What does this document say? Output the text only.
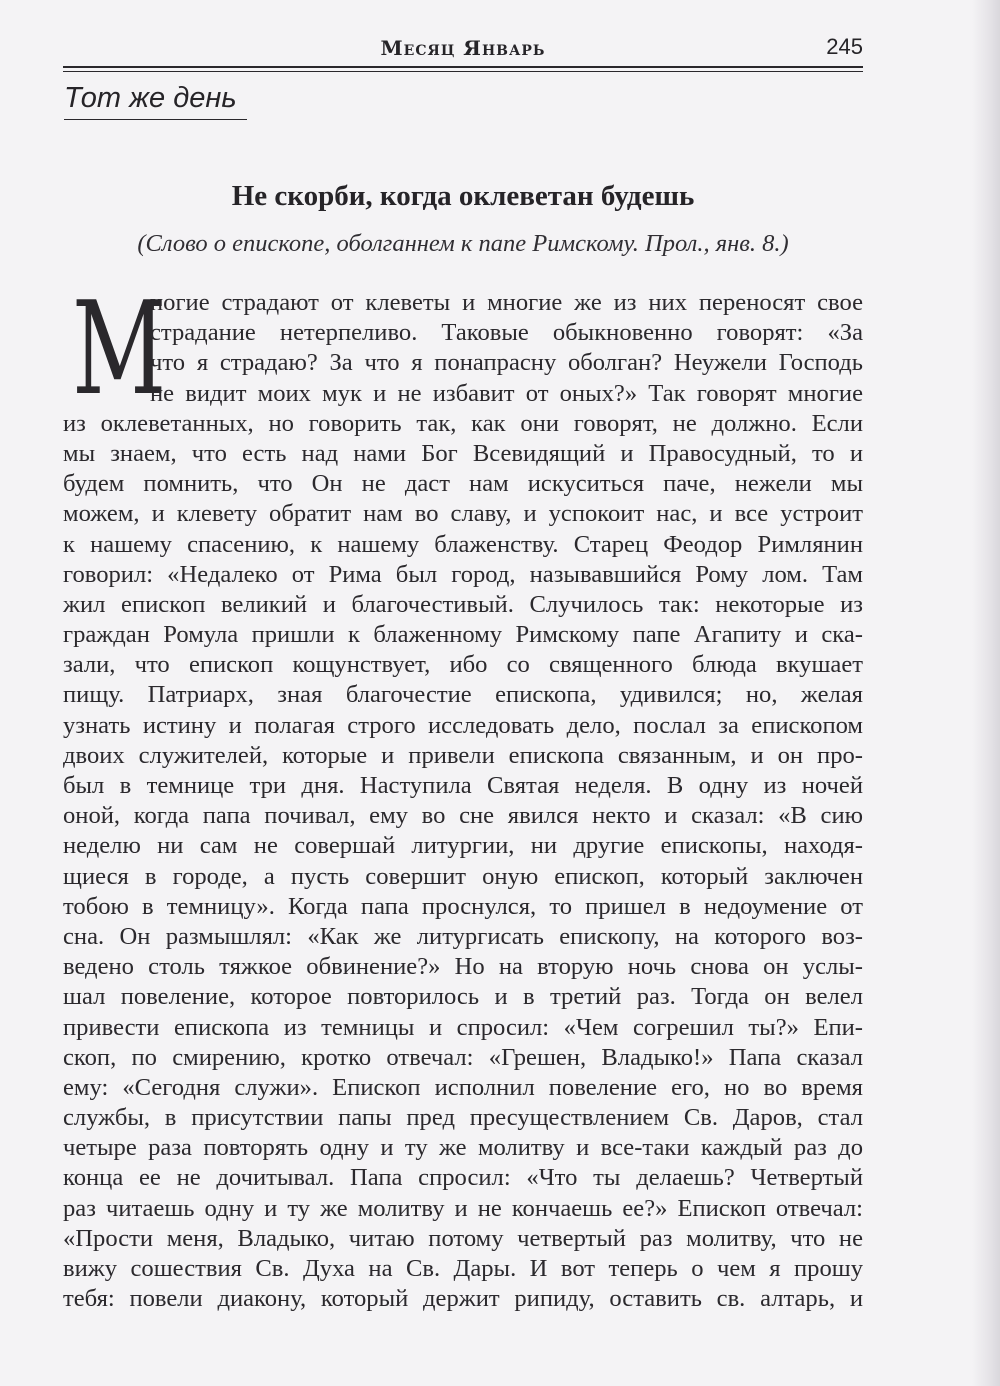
Месяц Январь	245
Тот же день
Не скорби, когда оклеветан будешь
(Слово о епископе, оболганнем к папе Римскому. Прол., янв. 8.)
М
ногие страдают от клеветы и многие же из них переносят свое
страдание нетерпеливо. Таковые обыкновенно говорят: «За
что я страдаю? За что я понапрасну оболган? Неужели Господь
не видит моих мук и не избавит от оных?» Так говорят многие
из оклеветанных, но говорить так, как они говорят, не должно. Если
мы знаем, что есть над нами Бог Всевидящий и Правосудный, то и
будем помнить, что Он не даст нам искуситься паче, нежели мы
можем, и клевету обратит нам во славу, и успокоит нас, и все устроит
к нашему спасению, к нашему блаженству. Старец Феодор Римлянин
говорил: «Недалеко от Рима был город, называвшийся Рому лом. Там
жил епископ великий и благочестивый. Случилось так: некоторые из
граждан Ромула пришли к блаженному Римскому папе Агапиту и ска-
зали, что епископ кощунствует, ибо со священного блюда вкушает
пищу. Патриарх, зная благочестие епископа, удивился; но, желая
узнать истину и полагая строго исследовать дело, послал за епископом
двоих служителей, которые и привели епископа связанным, и он про-
был в темнице три дня. Наступила Святая неделя. В одну из ночей
оной, когда папа почивал, ему во сне явился некто и сказал: «В сию
неделю ни сам не совершай литургии, ни другие епископы, находя-
щиеся в городе, а пусть совершит оную епископ, который заключен
тобою в темницу». Когда папа проснулся, то пришел в недоумение от
сна. Он размышлял: «Как же литургисать епископу, на которого воз-
ведено столь тяжкое обвинение?» Но на вторую ночь снова он услы-
шал повеление, которое повторилось и в третий раз. Тогда он велел
привести епископа из темницы и спросил: «Чем согрешил ты?» Епи-
скоп, по смирению, кротко отвечал: «Грешен, Владыко!» Папа сказал
ему: «Сегодня служи». Епископ исполнил повеление его, но во время
службы, в присутствии папы пред пресуществлением Св. Даров, стал
четыре раза повторять одну и ту же молитву и все-таки каждый раз до
конца ее не дочитывал. Папа спросил: «Что ты делаешь? Четвертый
раз читаешь одну и ту же молитву и не кончаешь ее?» Епископ отвечал:
«Прости меня, Владыко, читаю потому четвертый раз молитву, что не
вижу сошествия Св. Духа на Св. Дары. И вот теперь о чем я прошу
тебя: повели диакону, который держит рипиду, оставить св. алтарь, и
